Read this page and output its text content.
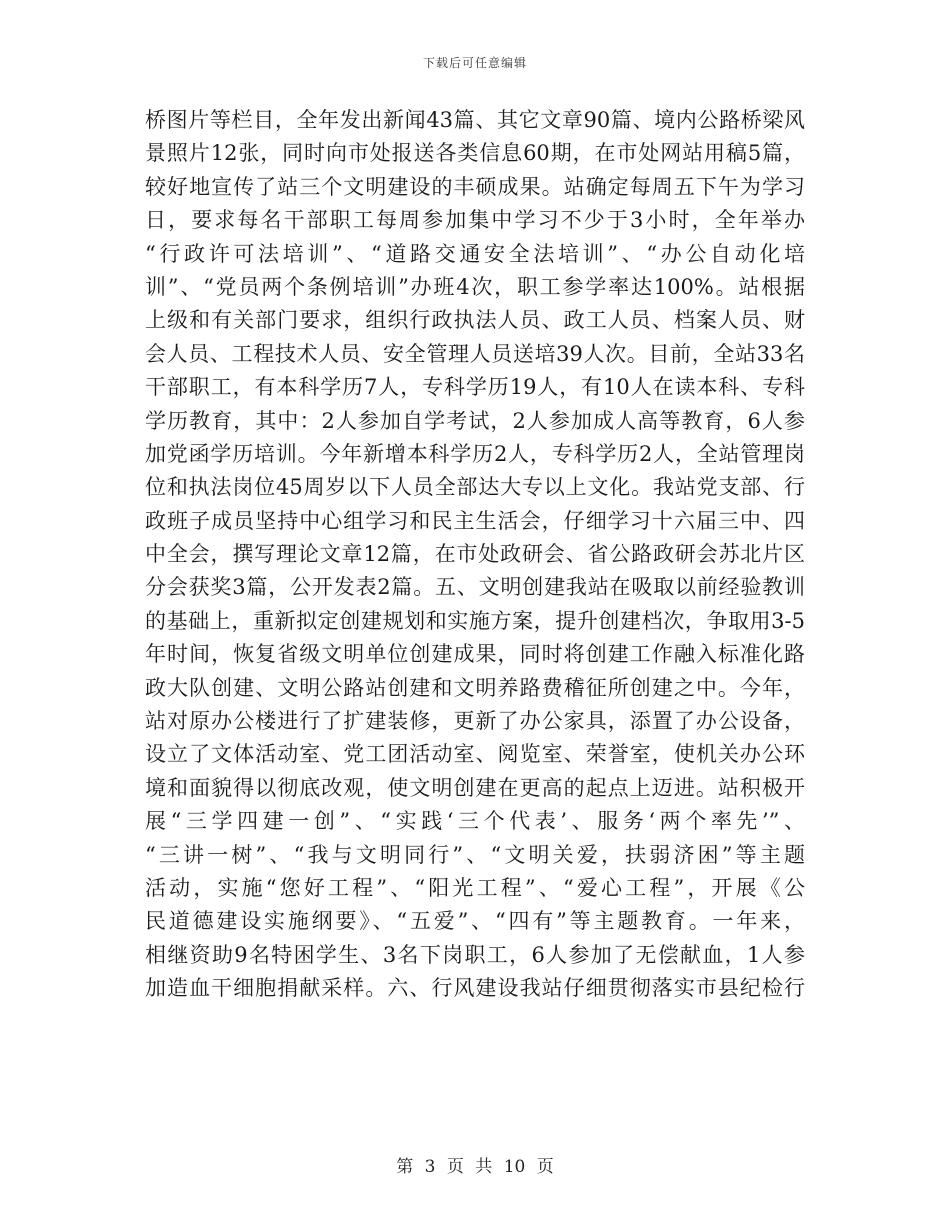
下载后可任意编辑
桥图片等栏目，全年发出新闻43篇、其它文章90篇、境内公路桥梁风
景照片12张，同时向市处报送各类信息60期，在市处网站用稿5篇，
较好地宣传了站三个文明建设的丰硕成果。站确定每周五下午为学习
日，要求每名干部职工每周参加集中学习不少于3小时，全年举办
“行政许可法培训”、“道路交通安全法培训”、“办公自动化培
训”、“党员两个条例培训”办班4次，职工参学率达100%。站根据
上级和有关部门要求，组织行政执法人员、政工人员、档案人员、财
会人员、工程技术人员、安全管理人员送培39人次。目前，全站33名
干部职工，有本科学历7人，专科学历19人，有10人在读本科、专科
学历教育，其中：2人参加自学考试，2人参加成人高等教育，6人参
加党函学历培训。今年新增本科学历2人，专科学历2人，全站管理岗
位和执法岗位45周岁以下人员全部达大专以上文化。我站党支部、行
政班子成员坚持中心组学习和民主生活会，仔细学习十六届三中、四
中全会，撰写理论文章12篇，在市处政研会、省公路政研会苏北片区
分会获奖3篇，公开发表2篇。五、文明创建我站在吸取以前经验教训
的基础上，重新拟定创建规划和实施方案，提升创建档次，争取用3-5
年时间，恢复省级文明单位创建成果，同时将创建工作融入标准化路
政大队创建、文明公路站创建和文明养路费稽征所创建之中。今年，
站对原办公楼进行了扩建装修，更新了办公家具，添置了办公设备，
设立了文体活动室、党工团活动室、阅览室、荣誉室，使机关办公环
境和面貌得以彻底改观，使文明创建在更高的起点上迈进。站积极开
展“三学四建一创”、“实践‘三个代表’、服务‘两个率先’”、
“三讲一树”、“我与文明同行”、“文明关爱，扶弱济困”等主题
活动，实施“您好工程”、“阳光工程”、“爱心工程”，开展《公
民道德建设实施纲要》、“五爱”、“四有”等主题教育。一年来，
相继资助9名特困学生、3名下岗职工，6人参加了无偿献血，1人参
加造血干细胞捐献采样。六、行风建设我站仔细贯彻落实市县纪检行
第 3 页 共 10 页
